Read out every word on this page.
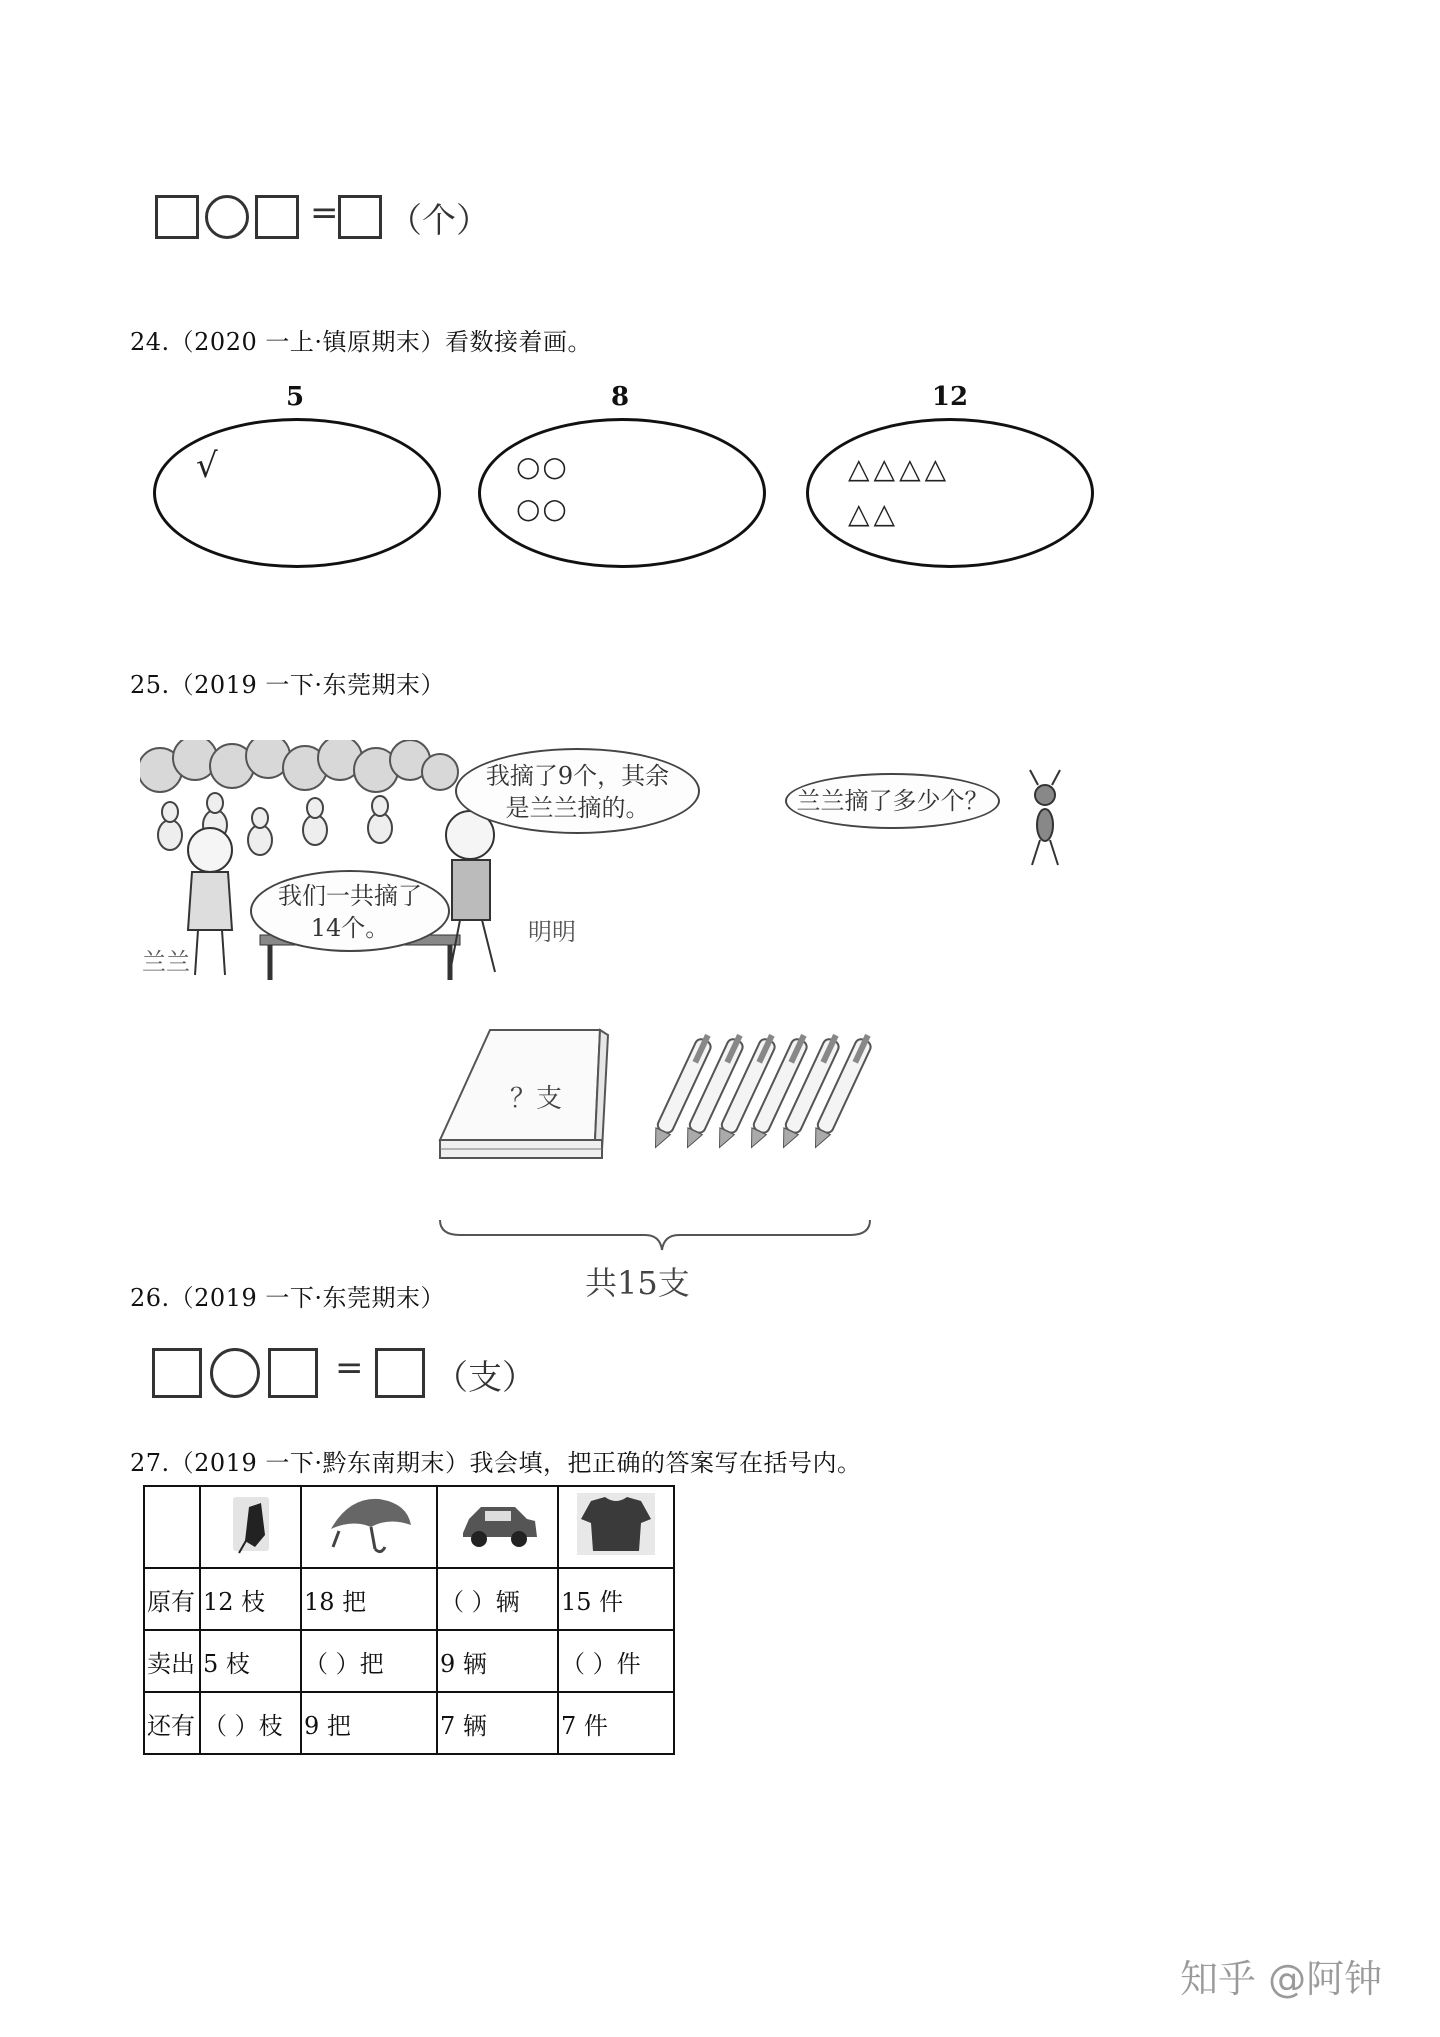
= （个）
24.（2020 一上·镇原期末）看数接着画。
5
√
8
○○
○○
12
△△△△
△△
25.（2019 一下·东莞期末）
我摘了9个，其余是兰兰摘的。	兰兰摘了多少个？
我们一共摘了14个。
兰兰
明明
？支
共15支
26.（2019 一下·东莞期末）
= （支）
27.（2019 一下·黔东南期末）我会填，把正确的答案写在括号内。

原有	12 枝	18 把	（ ）辆	15 件
卖出	5 枝	（ ）把	9 辆	（ ）件
还有	（ ）枝	9 把	7 辆	7 件
知乎 @阿钟
